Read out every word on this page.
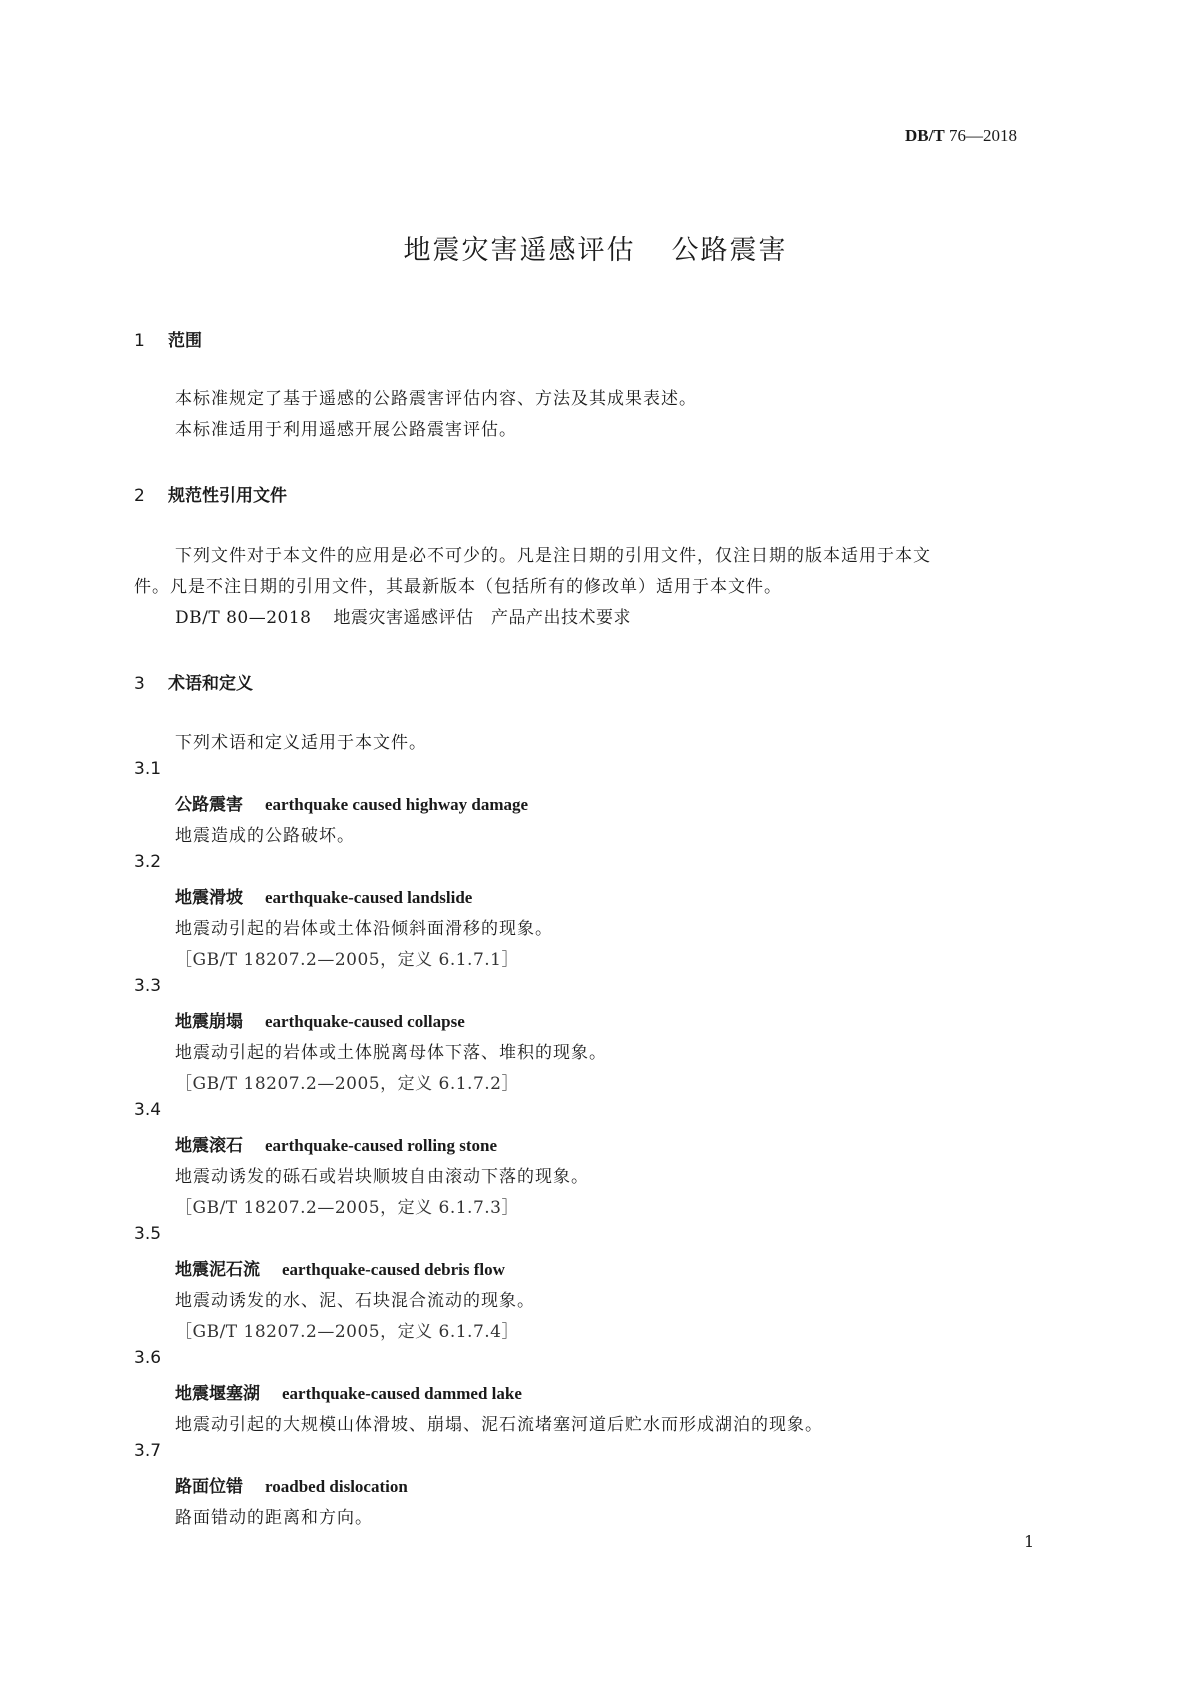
DB/T 76—2018
地震灾害遥感评估 公路震害
1 范围
本标准规定了基于遥感的公路震害评估内容、方法及其成果表述。
本标准适用于利用遥感开展公路震害评估。
2 规范性引用文件
下列文件对于本文件的应用是必不可少的。凡是注日期的引用文件，仅注日期的版本适用于本文
件。凡是不注日期的引用文件，其最新版本（包括所有的修改单）适用于本文件。
DB/T 80—2018 地震灾害遥感评估　产品产出技术要求
3 术语和定义
下列术语和定义适用于本文件。
3.1
公路震害 earthquake caused highway damage
地震造成的公路破坏。
3.2
地震滑坡 earthquake-caused landslide
地震动引起的岩体或土体沿倾斜面滑移的现象。
［GB/T 18207.2—2005，定义 6.1.7.1］
3.3
地震崩塌 earthquake-caused collapse
地震动引起的岩体或土体脱离母体下落、堆积的现象。
［GB/T 18207.2—2005，定义 6.1.7.2］
3.4
地震滚石 earthquake-caused rolling stone
地震动诱发的砾石或岩块顺坡自由滚动下落的现象。
［GB/T 18207.2—2005，定义 6.1.7.3］
3.5
地震泥石流 earthquake-caused debris flow
地震动诱发的水、泥、石块混合流动的现象。
［GB/T 18207.2—2005，定义 6.1.7.4］
3.6
地震堰塞湖 earthquake-caused dammed lake
地震动引起的大规模山体滑坡、崩塌、泥石流堵塞河道后贮水而形成湖泊的现象。
3.7
路面位错 roadbed dislocation
路面错动的距离和方向。
1
